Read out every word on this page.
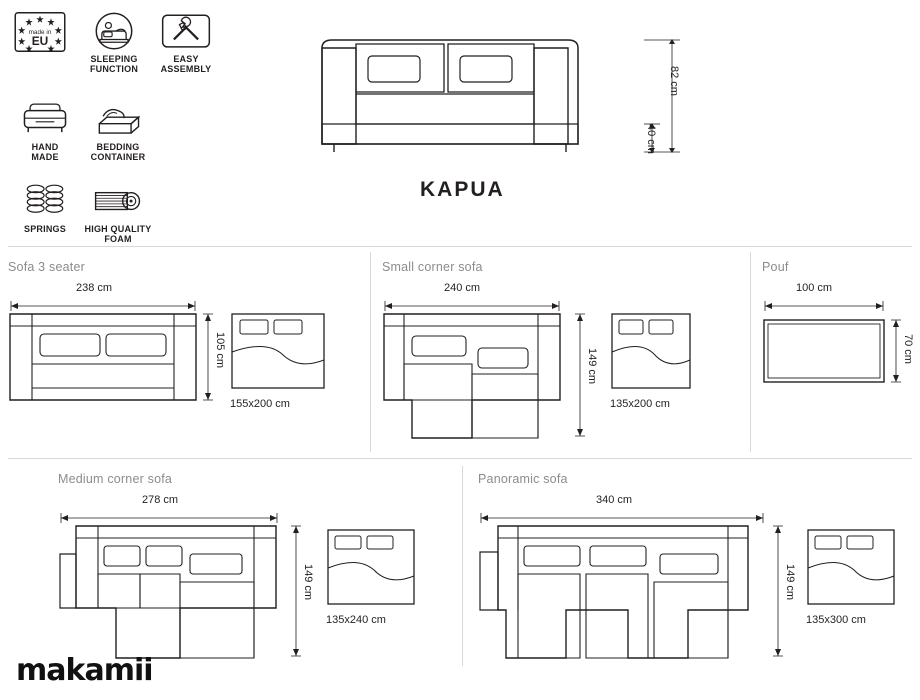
made in
EU
SLEEPING
FUNCTION
EASY
ASSEMBLY
HAND
MADE
BEDDING
CONTAINER
SPRINGS	HIGH QUALITY
FOAM
82 cm
40 cm
KAPUA
Sofa 3 seater
238 cm
105 cm
155x200 cm
Small corner sofa
240 cm
149 cm
135x200 cm
Pouf
100 cm
70 cm
Medium corner sofa
278 cm
149 cm
135x240 cm
Panoramic sofa
340 cm
149 cm
135x300 cm
makamii
